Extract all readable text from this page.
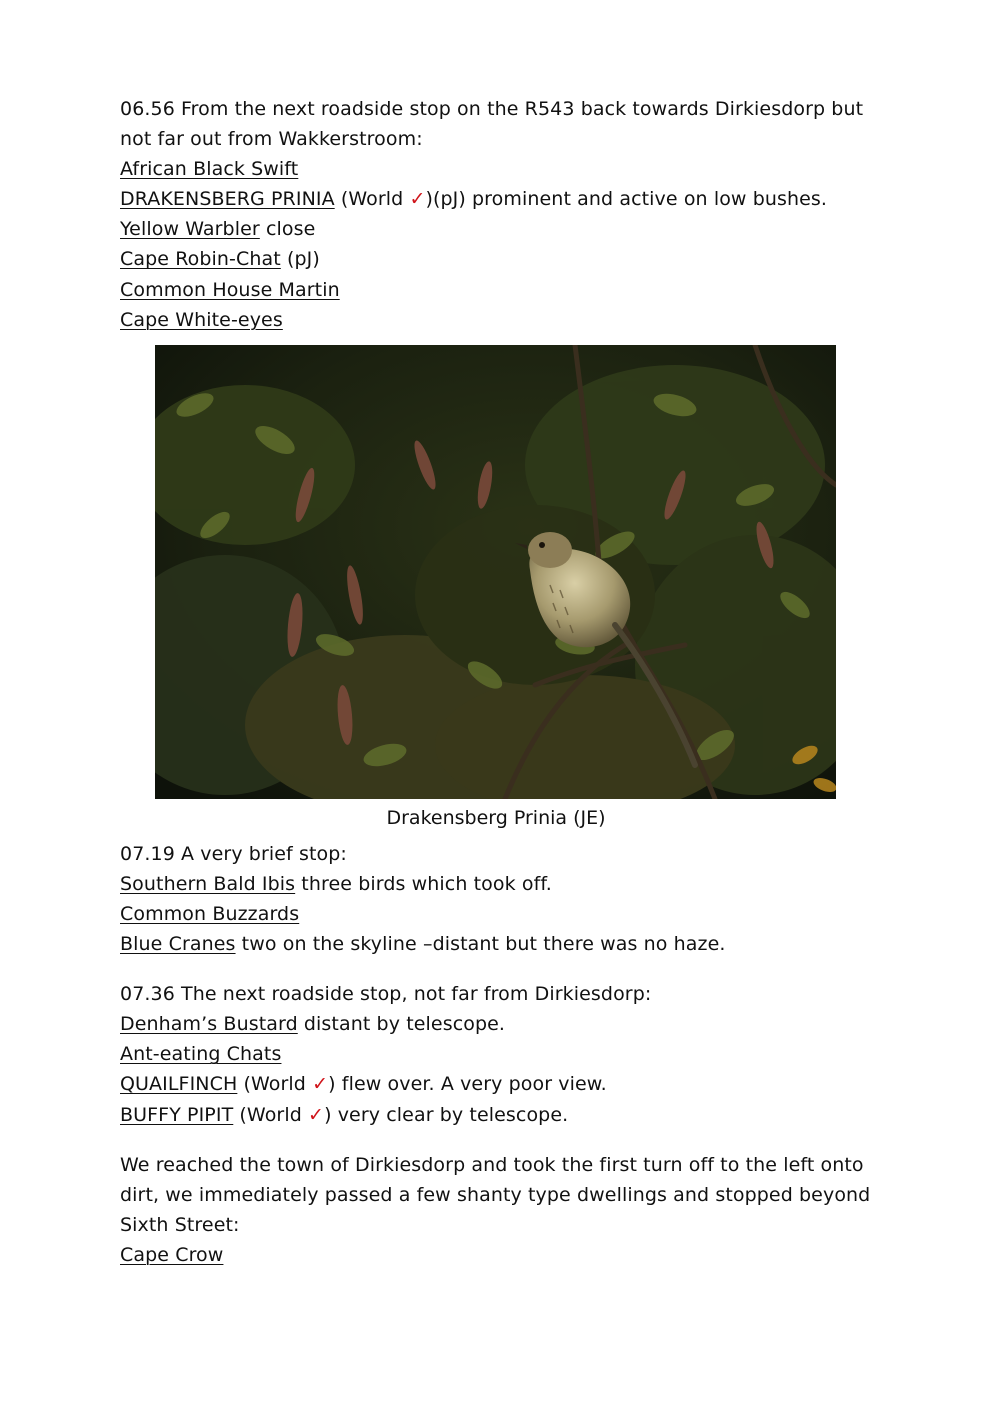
06.56 From the next roadside stop on the R543 back towards Dirkiesdorp but not far out from Wakkerstroom:
African Black Swift
DRAKENSBERG PRINIA (World ✓)(pJ) prominent and active on low bushes.
Yellow Warbler close
Cape Robin-Chat (pJ)
Common House Martin
Cape White-eyes
Drakensberg Prinia (JE)
07.19 A very brief stop:
Southern Bald Ibis three birds which took off.
Common Buzzards
Blue Cranes two on the skyline –distant but there was no haze.
07.36 The next roadside stop, not far from Dirkiesdorp:
Denham’s Bustard distant by telescope.
Ant-eating Chats
QUAILFINCH (World ✓) flew over. A very poor view.
BUFFY PIPIT (World ✓) very clear by telescope.
We reached the town of Dirkiesdorp and took the first turn off to the left onto dirt, we immediately passed a few shanty type dwellings and stopped beyond Sixth Street:
Cape Crow
